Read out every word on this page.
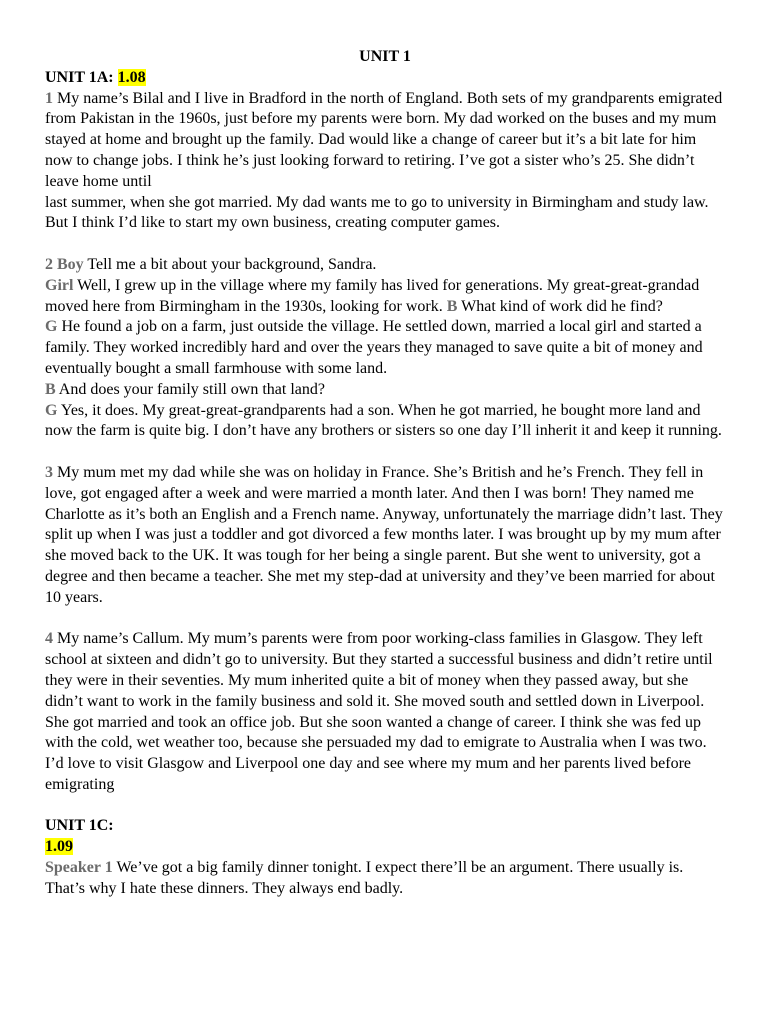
UNIT 1

UNIT 1A: 1.08

1 My name’s Bilal and I live in Bradford in the north of England. Both sets of my grandparents emigrated from Pakistan in the 1960s, just before my parents were born. My dad worked on the buses and my mum stayed at home and brought up the family. Dad would like a change of career but it’s a bit late for him now to change jobs. I think he’s just looking forward to retiring. I’ve got a sister who’s 25. She didn’t leave home until

last summer, when she got married. My dad wants me to go to university in Birmingham and study law. But I think I’d like to start my own business, creating computer games.

2 Boy Tell me a bit about your background, Sandra.

Girl Well, I grew up in the village where my family has lived for generations. My great-great-grandad moved here from Birmingham in the 1930s, looking for work. B What kind of work did he find?

G He found a job on a farm, just outside the village. He settled down, married a local girl and started a family. They worked incredibly hard and over the years they managed to save quite a bit of money and eventually bought a small farmhouse with some land.

B And does your family still own that land?

G Yes, it does. My great-great-grandparents had a son. When he got married, he bought more land and now the farm is quite big. I don’t have any brothers or sisters so one day I’ll inherit it and keep it running.

3 My mum met my dad while she was on holiday in France. She’s British and he’s French. They fell in love, got engaged after a week and were married a month later. And then I was born! They named me Charlotte as it’s both an English and a French name. Anyway, unfortunately the marriage didn’t last. They split up when I was just a toddler and got divorced a few months later. I was brought up by my mum after she moved back to the UK. It was tough for her being a single parent. But she went to university, got a degree and then became a teacher. She met my step-dad at university and they’ve been married for about 10 years.

4 My name’s Callum. My mum’s parents were from poor working-class families in Glasgow. They left school at sixteen and didn’t go to university. But they started a successful business and didn’t retire until they were in their seventies. My mum inherited quite a bit of money when they passed away, but she didn’t want to work in the family business and sold it. She moved south and settled down in Liverpool. She got married and took an office job. But she soon wanted a change of career. I think she was fed up with the cold, wet weather too, because she persuaded my dad to emigrate to Australia when I was two. I’d love to visit Glasgow and Liverpool one day and see where my mum and her parents lived before emigrating

UNIT 1C:

1.09

Speaker 1 We’ve got a big family dinner tonight. I expect there’ll be an argument. There usually is. That’s why I hate these dinners. They always end badly.
